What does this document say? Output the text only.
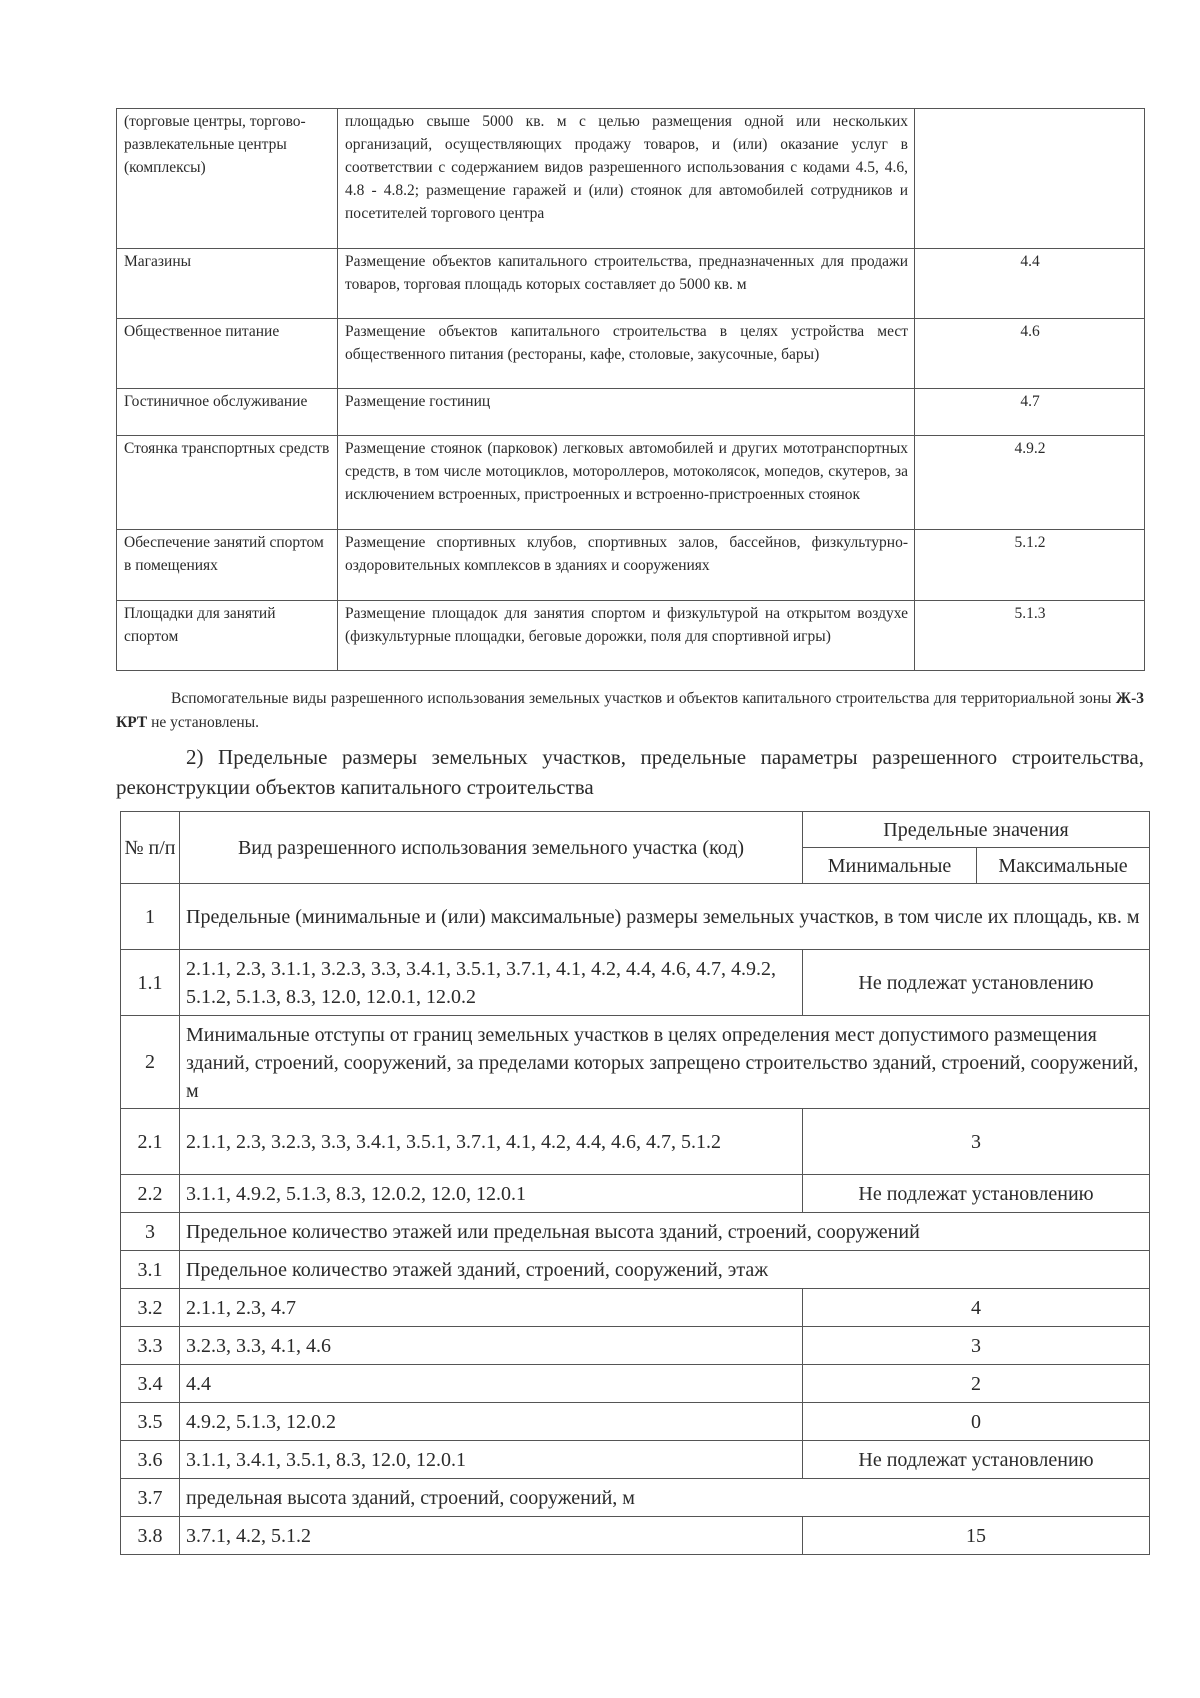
(торговые центры, торгово-развлекательные центры (комплексы)	площадью свыше 5000 кв. м с целью размещения одной или нескольких организаций, осуществляющих продажу товаров, и (или) оказание услуг в соответствии с содержанием видов разрешенного использования с кодами 4.5, 4.6, 4.8 - 4.8.2; размещение гаражей и (или) стоянок для автомобилей сотрудников и посетителей торгового центра	
Магазины	Размещение объектов капитального строительства, предназначенных для продажи товаров, торговая площадь которых составляет до 5000 кв. м	4.4
Общественное питание	Размещение объектов капитального строительства в целях устройства мест общественного питания (рестораны, кафе, столовые, закусочные, бары)	4.6
Гостиничное обслуживание	Размещение гостиниц	4.7
Стоянка транспортных средств	Размещение стоянок (парковок) легковых автомобилей и других мототранспортных средств, в том числе мотоциклов, мотороллеров, мотоколясок, мопедов, скутеров, за исключением встроенных, пристроенных и встроенно-пристроенных стоянок	4.9.2
Обеспечение занятий спортом в помещениях	Размещение спортивных клубов, спортивных залов, бассейнов, физкультурно-оздоровительных комплексов в зданиях и сооружениях	5.1.2
Площадки для занятий спортом	Размещение площадок для занятия спортом и физкультурой на открытом воздухе (физкультурные площадки, беговые дорожки, поля для спортивной игры)	5.1.3

Вспомогательные виды разрешенного использования земельных участков и объектов капитального строительства для территориальной зоны Ж-3 КРТ не установлены.

2) Предельные размеры земельных участков, предельные параметры разрешенного строительства, реконструкции объектов капитального строительства

№ п/п	Вид разрешенного использования земельного участка (код)	Предельные значения	
		Минимальные	Максимальные
1	Предельные (минимальные и (или) максимальные) размеры земельных участков, в том числе их площадь, кв. м		
1.1	2.1.1, 2.3, 3.1.1, 3.2.3, 3.3, 3.4.1, 3.5.1, 3.7.1, 4.1, 4.2, 4.4, 4.6, 4.7, 4.9.2, 5.1.2, 5.1.3, 8.3, 12.0, 12.0.1, 12.0.2	Не подлежат установлению	
2	Минимальные отступы от границ земельных участков в целях определения мест допустимого размещения зданий, строений, сооружений, за пределами которых запрещено строительство зданий, строений, сооружений, м		
2.1	2.1.1, 2.3, 3.2.3, 3.3, 3.4.1, 3.5.1, 3.7.1, 4.1, 4.2, 4.4, 4.6, 4.7, 5.1.2	3	
2.2	3.1.1, 4.9.2, 5.1.3, 8.3, 12.0.2, 12.0, 12.0.1	Не подлежат установлению	
3	Предельное количество этажей или предельная высота зданий, строений, сооружений		
3.1	Предельное количество этажей зданий, строений, сооружений, этаж		
3.2	2.1.1, 2.3, 4.7	4	
3.3	3.2.3, 3.3, 4.1, 4.6	3	
3.4	4.4	2	
3.5	4.9.2, 5.1.3, 12.0.2	0	
3.6	3.1.1, 3.4.1, 3.5.1, 8.3, 12.0, 12.0.1	Не подлежат установлению	
3.7	предельная высота зданий, строений, сооружений, м		
3.8	3.7.1, 4.2, 5.1.2	15	
